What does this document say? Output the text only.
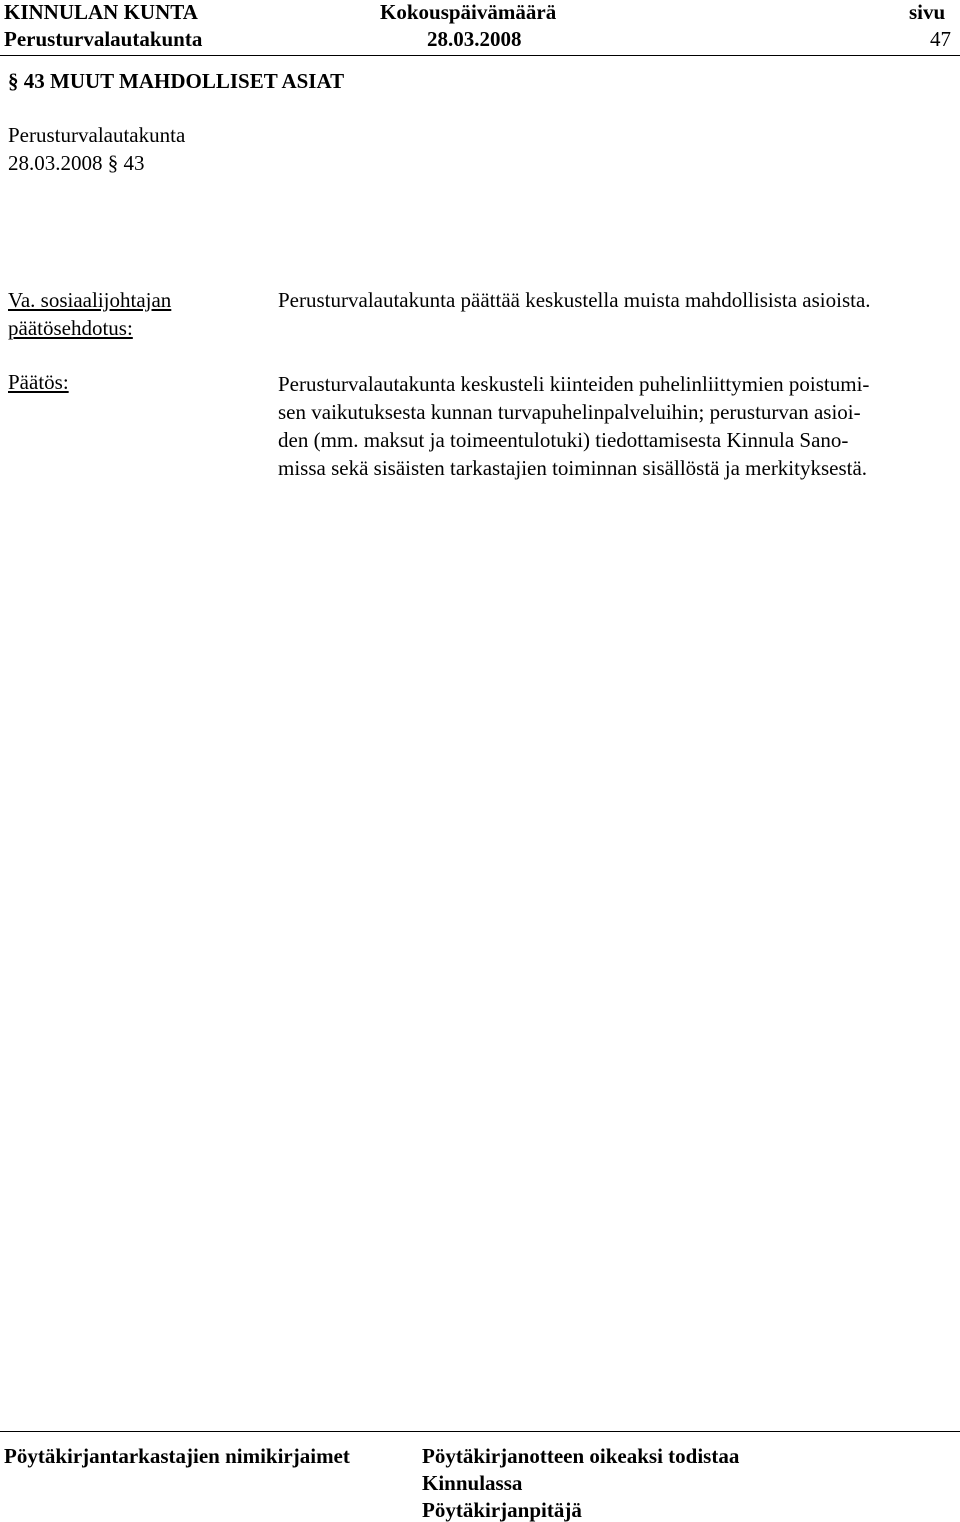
KINNULAN KUNTA	Kokouspäivämäärä	sivu
Perusturvalautakunta	28.03.2008	47
§ 43 MUUT MAHDOLLISET ASIAT
Perusturvalautakunta
28.03.2008 § 43
Va. sosiaalijohtajan
päätösehdotus:
Perusturvalautakunta päättää keskustella muista mahdollisista asioista.
Päätös:	Perusturvalautakunta keskusteli kiinteiden puhelinliittymien poistumi-
sen vaikutuksesta kunnan turvapuhelinpalveluihin; perusturvan asioi-
den (mm. maksut ja toimeentulotuki) tiedottamisesta Kinnula Sano-
missa sekä sisäisten tarkastajien toiminnan sisällöstä ja merkityksestä.
Pöytäkirjantarkastajien nimikirjaimet	Pöytäkirjanotteen oikeaksi todistaa
Kinnulassa
Pöytäkirjanpitäjä
